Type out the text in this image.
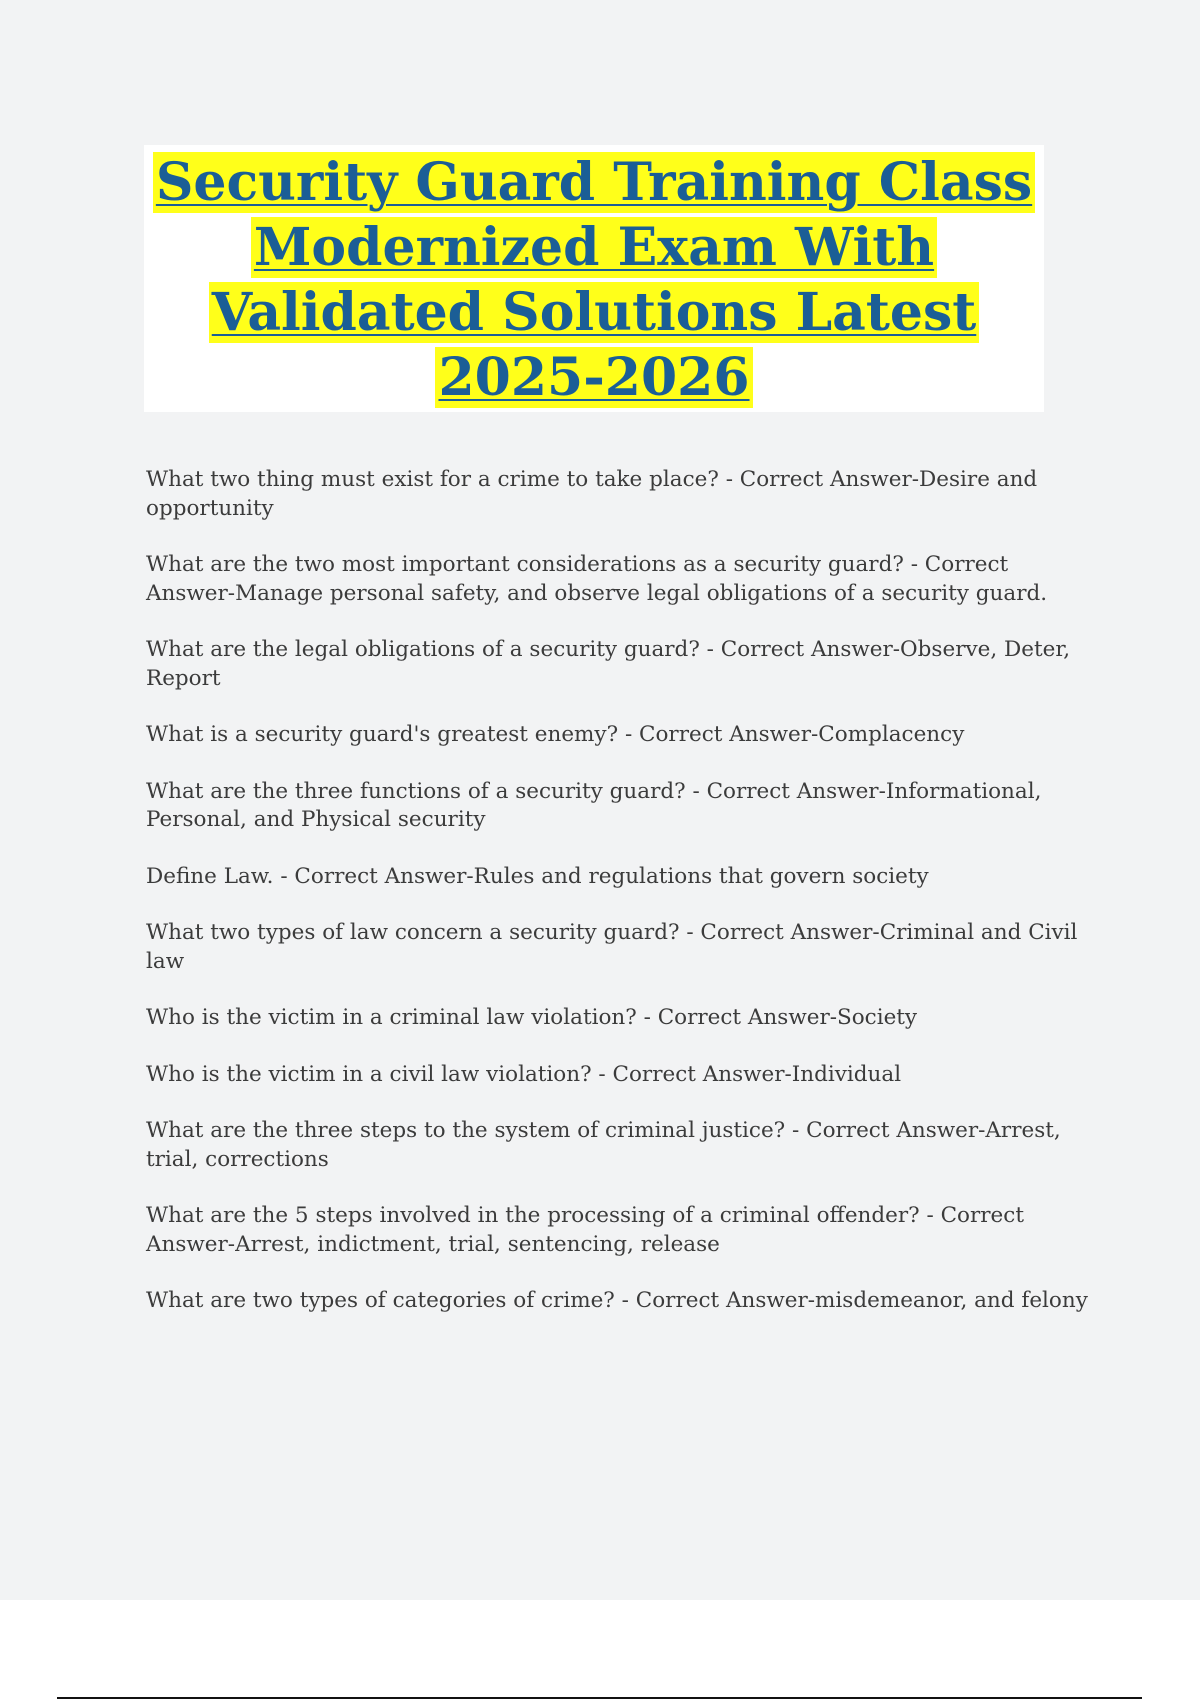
Security Guard Training Class Modernized Exam With Validated Solutions Latest 2025-2026

What two thing must exist for a crime to take place? - Correct Answer-Desire and opportunity

What are the two most important considerations as a security guard? - Correct Answer-Manage personal safety, and observe legal obligations of a security guard.

What are the legal obligations of a security guard? - Correct Answer-Observe, Deter, Report

What is a security guard's greatest enemy? - Correct Answer-Complacency

What are the three functions of a security guard? - Correct Answer-Informational, Personal, and Physical security

Define Law. - Correct Answer-Rules and regulations that govern society

What two types of law concern a security guard? - Correct Answer-Criminal and Civil law

Who is the victim in a criminal law violation? - Correct Answer-Society

Who is the victim in a civil law violation? - Correct Answer-Individual

What are the three steps to the system of criminal justice? - Correct Answer-Arrest, trial, corrections

What are the 5 steps involved in the processing of a criminal offender? - Correct Answer-Arrest, indictment, trial, sentencing, release

What are two types of categories of crime? - Correct Answer-misdemeanor, and felony
